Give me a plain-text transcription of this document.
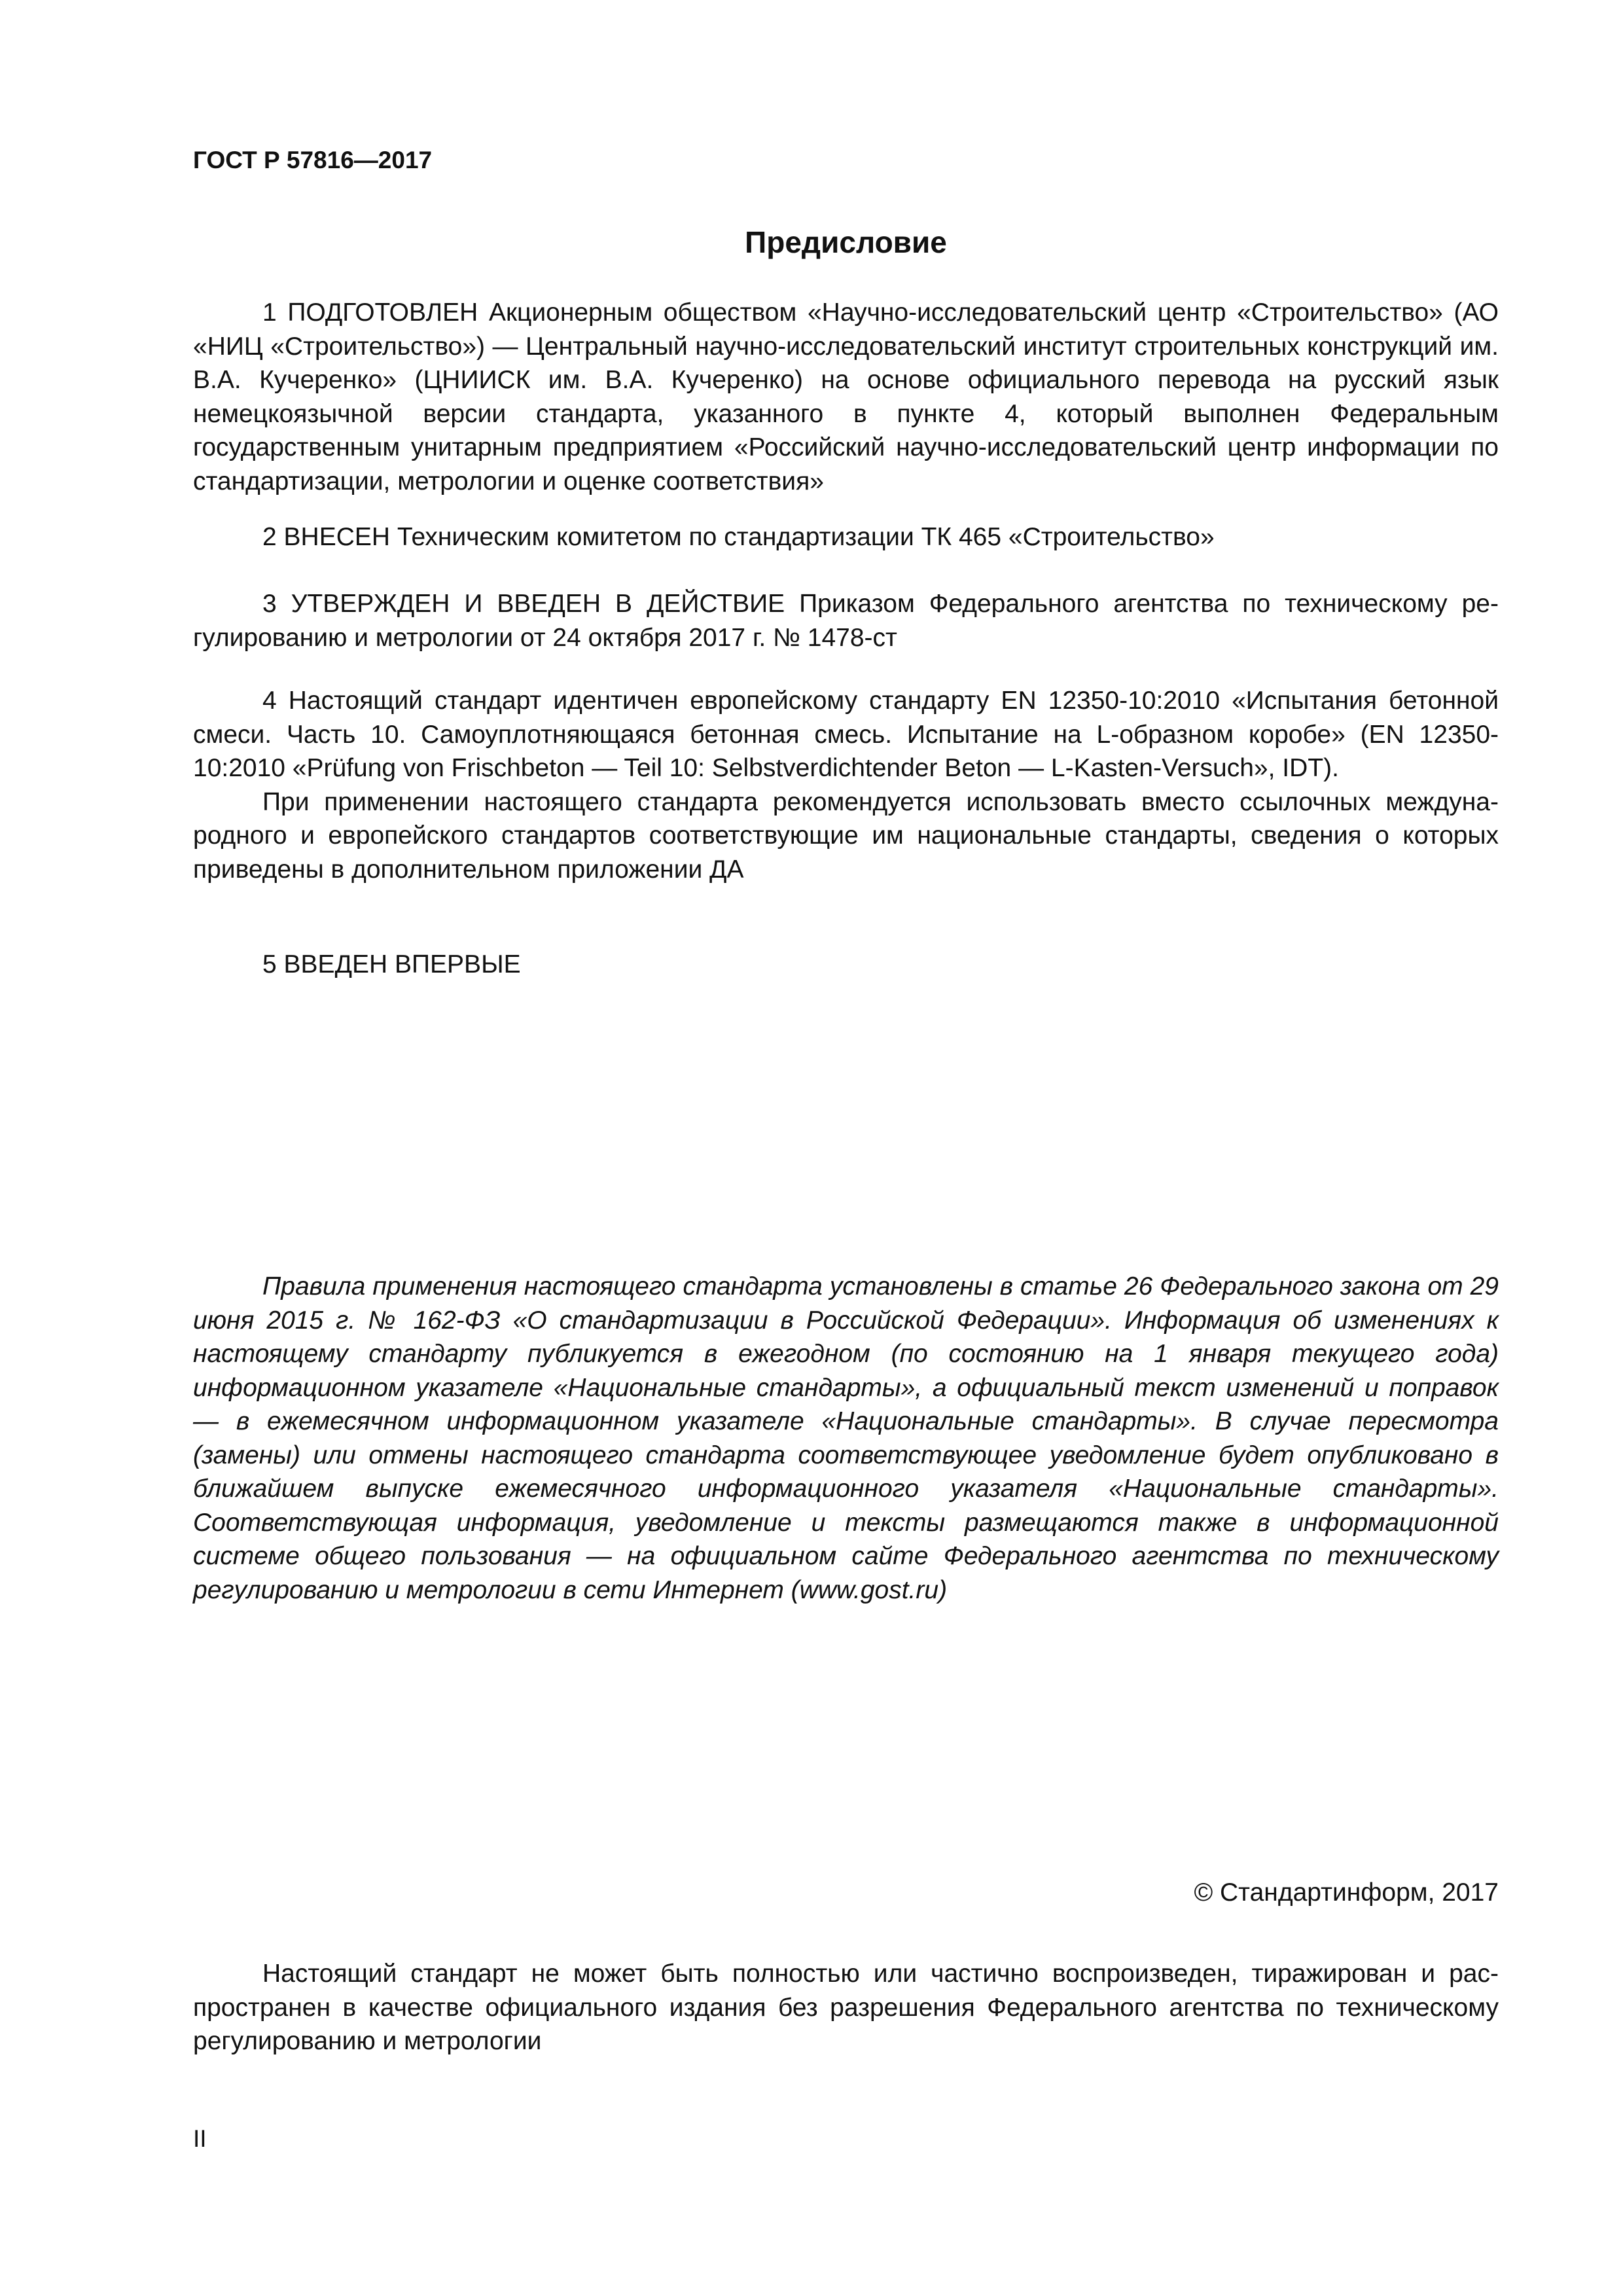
ГОСТ Р 57816—2017

Предисловие

1 ПОДГОТОВЛЕН Акционерным обществом «Научно-исследовательский центр «Строительство» (АО «НИЦ «Строительство») — Центральный научно-исследовательский институт строительных конструкций им. В.А. Кучеренко» (ЦНИИСК им. В.А. Кучеренко) на основе официального перевода на русский язык немецкоязычной версии стандарта, указанного в пункте 4, который выполнен Федеральным государственным унитарным предприятием «Российский научно-исследовательский центр информации по стандартизации, метрологии и оценке соответствия»

2 ВНЕСЕН Техническим комитетом по стандартизации ТК 465 «Строительство»

3 УТВЕРЖДЕН И ВВЕДЕН В ДЕЙСТВИЕ Приказом Федерального агентства по техническому регулированию и метрологии от 24 октября 2017 г. № 1478-ст

4 Настоящий стандарт идентичен европейскому стандарту EN 12350-10:2010 «Испытания бетонной смеси. Часть 10. Самоуплотняющаяся бетонная смесь. Испытание на L-образном коробе» (EN 12350-10:2010 «Prüfung von Frischbeton — Teil 10: Selbstverdichtender Beton — L-Kasten-Versuch», IDT).

При применении настоящего стандарта рекомендуется использовать вместо ссылочных международного и европейского стандартов соответствующие им национальные стандарты, сведения о которых приведены в дополнительном приложении ДА

5 ВВЕДЕН ВПЕРВЫЕ

Правила применения настоящего стандарта установлены в статье 26 Федерального закона от 29 июня 2015 г. № 162-ФЗ «О стандартизации в Российской Федерации». Информация об изменениях к настоящему стандарту публикуется в ежегодном (по состоянию на 1 января текущего года) информационном указателе «Национальные стандарты», а официальный текст изменений и поправок — в ежемесячном информационном указателе «Национальные стандарты». В случае пересмотра (замены) или отмены настоящего стандарта соответствующее уведомление будет опубликовано в ближайшем выпуске ежемесячного информационного указателя «Национальные стандарты». Соответствующая информация, уведомление и тексты размещаются также в информационной системе общего пользования — на официальном сайте Федерального агентства по техническому регулированию и метрологии в сети Интернет (www.gost.ru)

© Стандартинформ, 2017

Настоящий стандарт не может быть полностью или частично воспроизведен, тиражирован и распространен в качестве официального издания без разрешения Федерального агентства по техническому регулированию и метрологии

II
